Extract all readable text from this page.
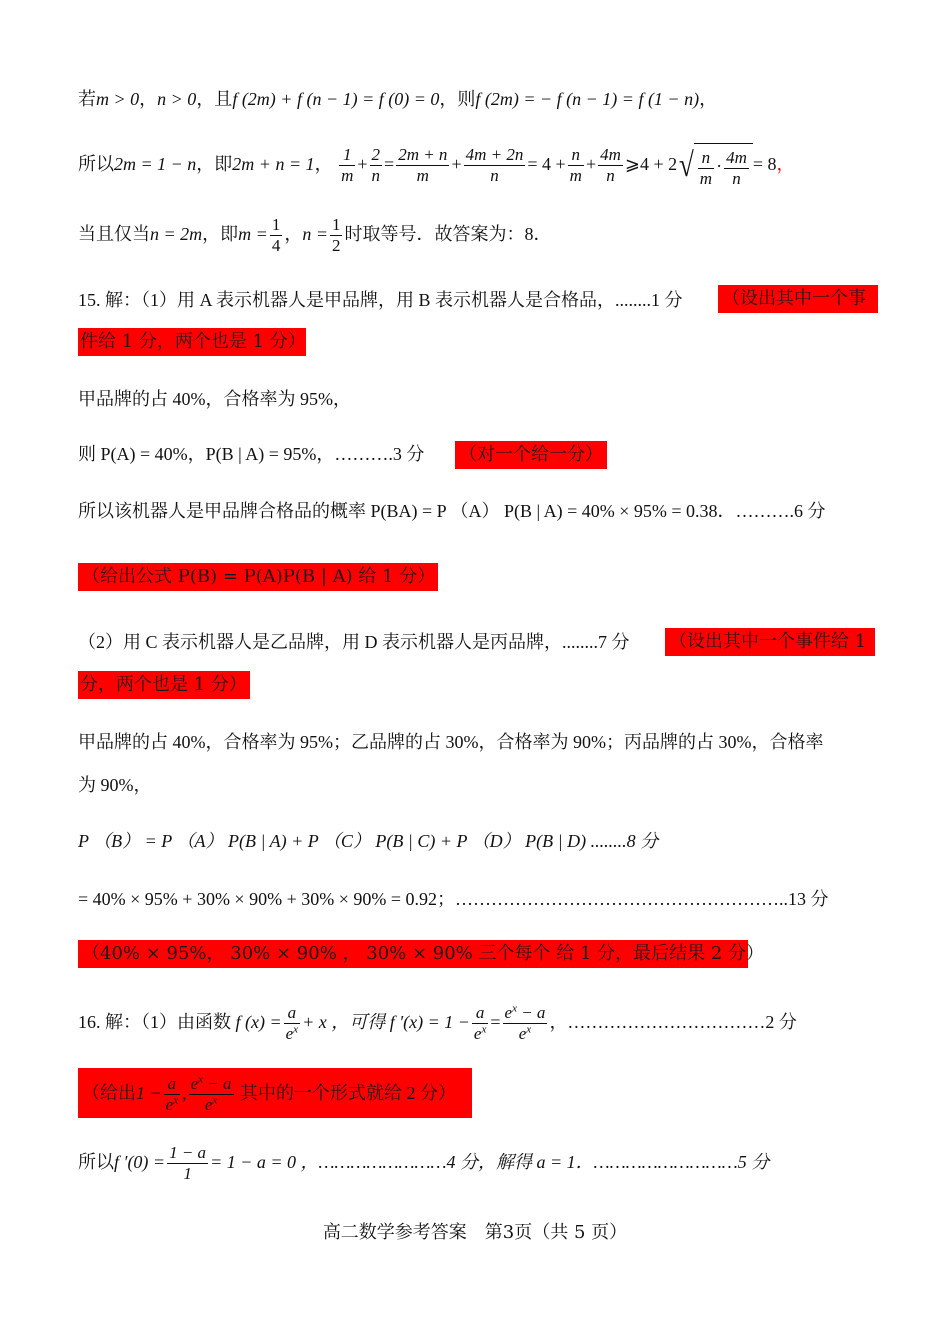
若m > 0，n > 0，且f (2m) + f (n − 1) = f (0) = 0，则f (2m) = − f (n − 1) = f (1 − n)，
所以2m = 1 − n，即2m + n = 1， $\frac{1}{m} + \frac{2}{n} = \frac{2m + n}{m} + \frac{4m + 2n}{n} = 4 + \frac{n}{m} + \frac{4m}{n}$ ⩾4 + $2√ \frac{n}{m} \cdot \frac{4m}{n} = 8$，
当且仅当n = 2m，即$m = \frac{1}{4}$ ，$n = \frac{1}{2}$ 时取等号．故答案为：8．
15. 解：（1）用 A 表示机器人是甲品牌，用 B 表示机器人是合格品，........1 分 （设出其中一个事
件给 1 分，两个也是 1 分）
甲品牌的占 40%，合格率为 95%，
则 P(A) = 40%，P(B | A) = 95%，……….3 分 （对一个给一分）
所以该机器人是甲品牌合格品的概率 P(BA) = P （A） P(B | A) = 40% × 95% = 0.38．……….6 分
（给出公式 P(B) = P(A)P(B | A) 给 1 分）
（2）用 C 表示机器人是乙品牌，用 D 表示机器人是丙品牌，........7 分 （设出其中一个事件给 1
分，两个也是 1 分）
甲品牌的占 40%，合格率为 95%；乙品牌的占 30%，合格率为 90%；丙品牌的占 30%，合格率
为 90%，
P （B） = P （A） P(B | A) + P （C） P(B | C) + P （D） P(B | D) ........8 分
= 40% × 95% + 30% × 90% + 30% × 90% = 0.92；………………………………………………..13 分
（40% × 95%， 30% × 90% ， 30% × 90% 三个每个 给 1 分，最后结果 2 分）
16. 解：（1）由函数 f $(x) = \frac{a}{e^x} + x$ ，可得 f $'(x) = 1 - \frac{a}{e^x} = \frac{e^x - a}{e^x}$ ，……………………………2 分
（给出$1 - \frac{a}{e^x}$ , $\frac{e^x - a}{e^x}$ 其中的一个形式就给 2 分）
所以f $'(0) = \frac{1 - a}{1} = 1 - a = 0$ ，……………………4 分，解得 a = 1．………………………5 分
高二数学参考答案　第3页（共 5 页）
